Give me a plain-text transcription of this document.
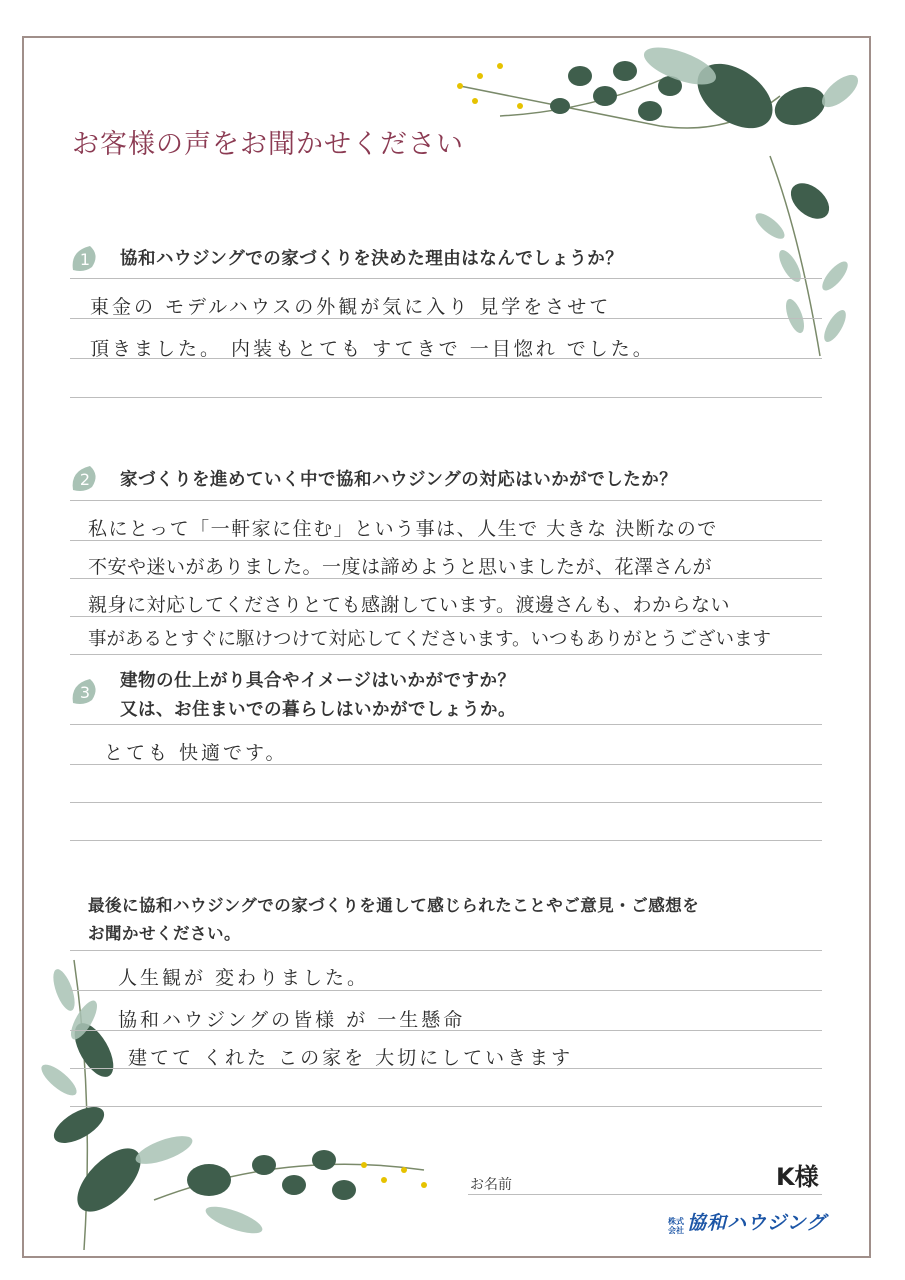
お客様の声をお聞かせください
1 協和ハウジングでの家づくりを決めた理由はなんでしょうか？
東金の モデルハウスの外観が気に入り 見学をさせて
頂きました。 内装もとても すてきで 一目惚れ でした。
2 家づくりを進めていく中で協和ハウジングの対応はいかがでしたか？
私にとって「一軒家に住む」という事は、人生で 大きな 決断なので
不安や迷いがありました。一度は諦めようと思いましたが、花澤さんが
親身に対応してくださりとても感謝しています。渡邊さんも、わからない
事があるとすぐに駆けつけて対応してくださいます。いつもありがとうございます
3
建物の仕上がり具合やイメージはいかがですか？
又は、お住まいでの暮らしはいかがでしょうか。
とても 快適です。
最後に協和ハウジングでの家づくりを通して感じられたことやご意見・ご感想を
お聞かせください。
人生観が 変わりました。
協和ハウジングの皆様 が 一生懸命
建てて くれた この家を 大切にしていきます
お名前	K様
株式
会社 協和ハウジング
